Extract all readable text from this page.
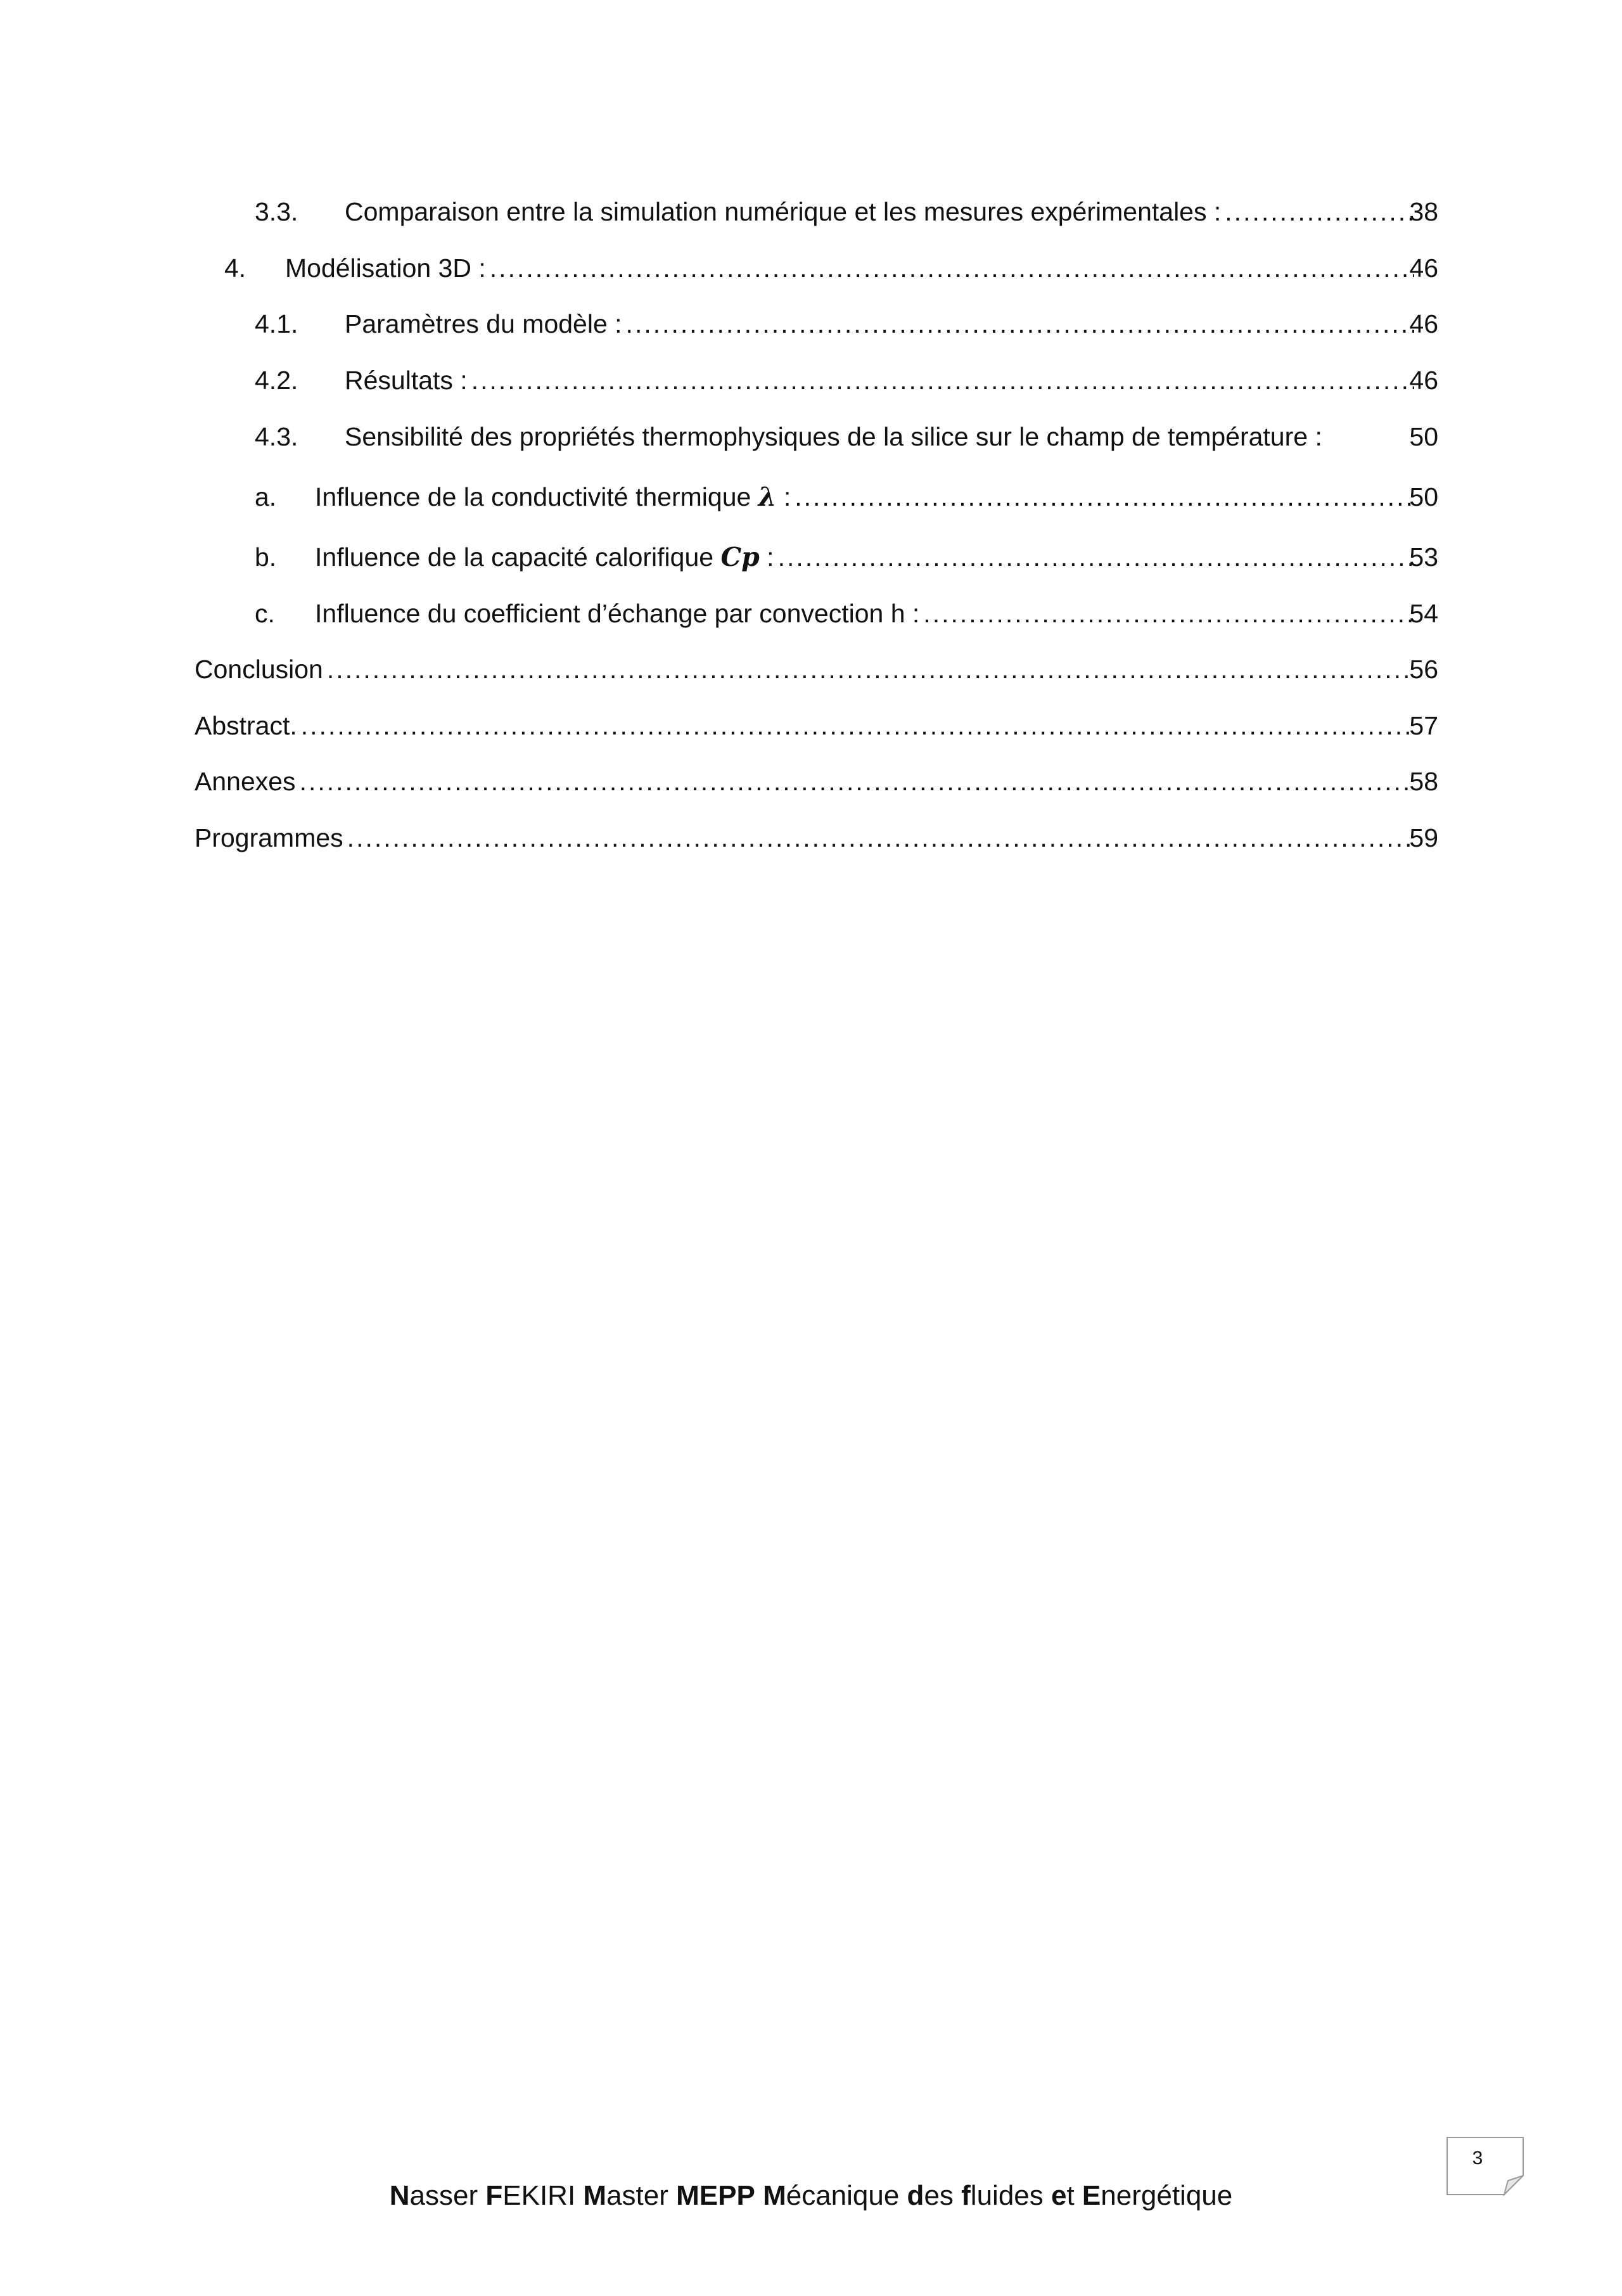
3.3. Comparaison entre la simulation numérique et les mesures expérimentales : .....	38
4. Modélisation 3D : .....	46
4.1. Paramètres du modèle : .....	46
4.2. Résultats : .....	46
4.3. Sensibilité des propriétés thermophysiques de la silice sur le champ de température :	50
a. Influence de la conductivité thermique λ : .....	50
b. Influence de la capacité calorifique Cp : .....	53
c. Influence du coefficient d’échange par convection h : .....	54
Conclusion .....	56
Abstract. .....	57
Annexes .....	58
Programmes .....	59
3
Nasser FEKIRI Master MEPP Mécanique des fluides et Energétique
